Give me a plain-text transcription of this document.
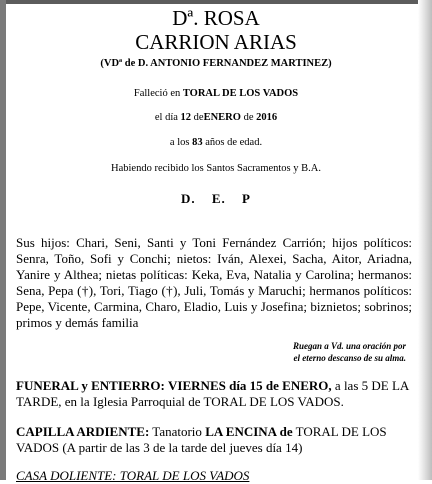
Dª. ROSA
CARRION ARIAS
(VDª de D. ANTONIO FERNANDEZ MARTINEZ)
Falleció en TORAL DE LOS VADOS
el día 12 deENERO de 2016
a los 83 años de edad.
Habiendo recibido los Santos Sacramentos y B.A.
D. E. P
Sus hijos: Chari, Seni, Santi y Toni Fernández Carrión; hijos políticos: Senra, Toño, Sofi y Conchi; nietos: Iván, Alexei, Sacha, Aitor, Ariadna, Yanire y Althea; nietas políticas: Keka, Eva, Natalia y Carolina; hermanos: Sena, Pepa (†), Tori, Tiago (†), Juli, Tomás y Maruchi; hermanos políticos: Pepe, Vicente, Carmina, Charo, Eladio, Luis y Josefina; biznietos; sobrinos; primos y demás familia
Ruegan a Vd. una oración por
el eterno descanso de su alma.
FUNERAL y ENTIERRO: VIERNES día 15 de ENERO, a las 5 DE LA TARDE, en la Iglesia Parroquial de TORAL DE LOS VADOS.
CAPILLA ARDIENTE: Tanatorio LA ENCINA de TORAL DE LOS VADOS (A partir de las 3 de la tarde del jueves día 14)
CASA DOLIENTE: TORAL DE LOS VADOS
